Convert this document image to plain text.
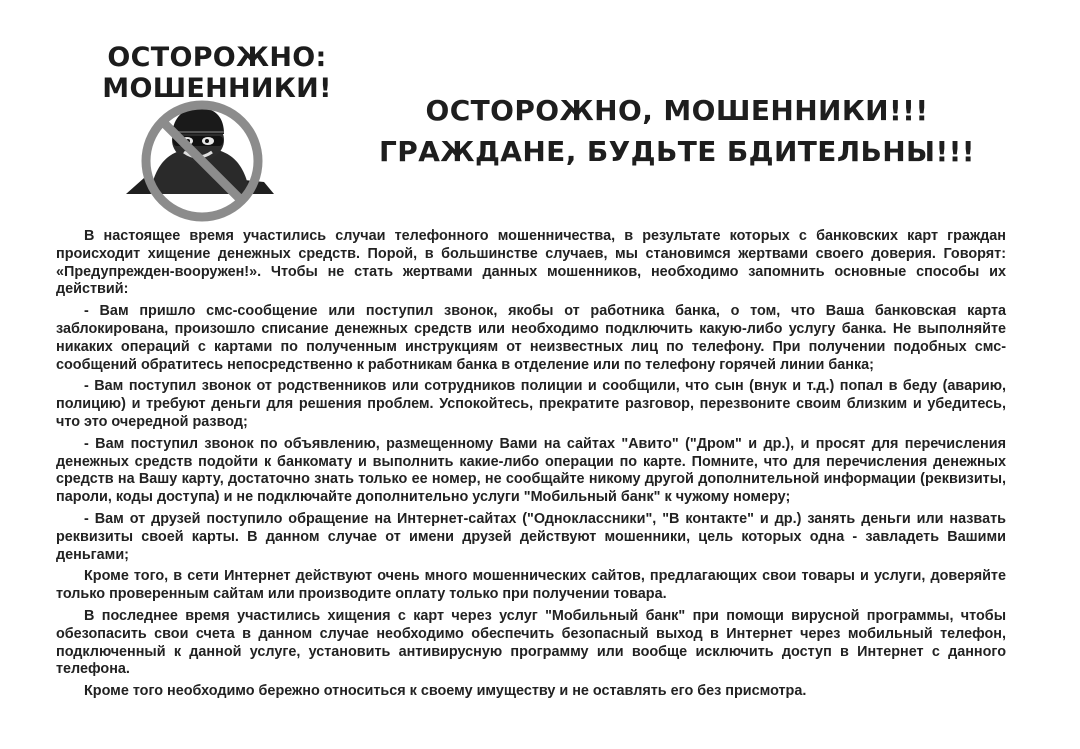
ОСТОРОЖНО:
МОШЕННИКИ!
ОСТОРОЖНО, МОШЕННИКИ!!!
ГРАЖДАНЕ, БУДЬТЕ БДИТЕЛЬНЫ!!!

В настоящее время участились случаи телефонного мошенничества, в результате которых с банковских карт граждан происходит хищение денежных средств. Порой, в большинстве случаев, мы становимся жертвами своего доверия. Говорят: «Предупрежден-вооружен!». Чтобы не стать жертвами данных мошенников, необходимо запомнить основные способы их действий:

- Вам пришло смс-сообщение или поступил звонок, якобы от работника банка, о том, что Ваша банковская карта заблокирована, произошло списание денежных средств или необходимо подключить какую-либо услугу банка. Не выполняйте никаких операций с картами по полученным инструкциям от неизвестных лиц по телефону. При получении подобных смс-сообщений обратитесь непосредственно к работникам банка в отделение или по телефону горячей линии банка;

- Вам поступил звонок от родственников или сотрудников полиции и сообщили, что сын (внук и т.д.) попал в беду (аварию, полицию) и требуют деньги для решения проблем. Успокойтесь, прекратите разговор, перезвоните своим близким и убедитесь, что это очередной развод;

- Вам поступил звонок по объявлению, размещенному Вами на сайтах "Авито" ("Дром" и др.), и просят для перечисления денежных средств подойти к банкомату и выполнить какие-либо операции по карте. Помните, что для перечисления денежных средств на Вашу карту, достаточно знать только ее номер, не сообщайте никому другой дополнительной информации (реквизиты, пароли, коды доступа) и не подключайте дополнительно услуги "Мобильный банк" к чужому номеру;

- Вам от друзей поступило обращение на Интернет-сайтах ("Одноклассники", "В контакте" и др.) занять деньги или назвать реквизиты своей карты. В данном случае от имени друзей действуют мошенники, цель которых одна - завладеть Вашими деньгами;

Кроме того, в сети Интернет действуют очень много мошеннических сайтов, предлагающих свои товары и услуги, доверяйте только проверенным сайтам или производите оплату только при получении товара.

В последнее время участились хищения с карт через услуг "Мобильный банк" при помощи вирусной программы, чтобы обезопасить свои счета в данном случае необходимо обеспечить безопасный выход в Интернет через мобильный телефон, подключенный к данной услуге, установить антивирусную программу или вообще исключить доступ в Интернет с данного телефона.

Кроме того необходимо бережно относиться к своему имуществу и не оставлять его без присмотра.
